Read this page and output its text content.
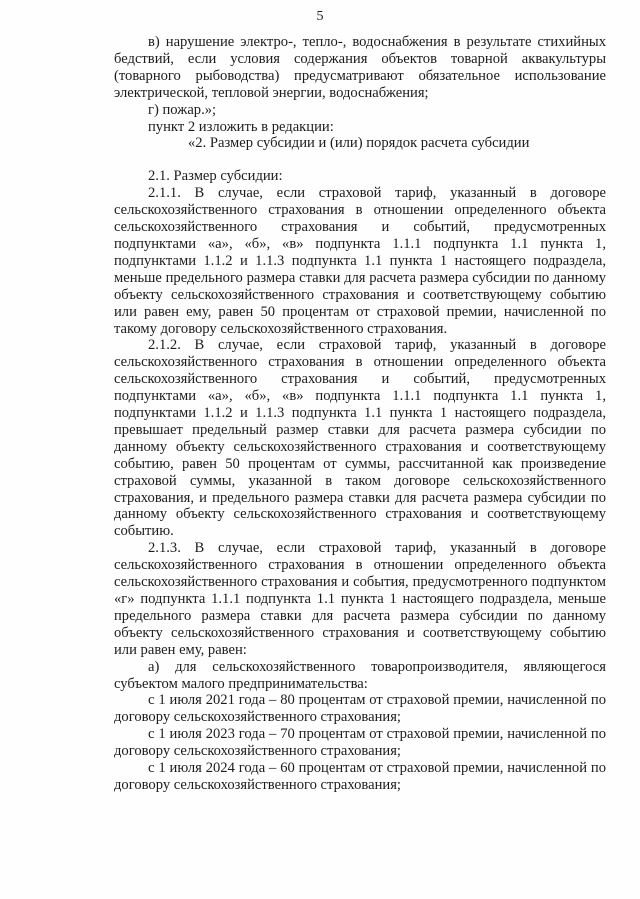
5

в) нарушение электро-, тепло-, водоснабжения в результате стихийных бедствий, если условия содержания объектов товарной аквакультуры (товарного рыбоводства) предусматривают обязательное использование электрической, тепловой энергии, водоснабжения;

г) пожар.»;

пункт 2 изложить в редакции:

«2. Размер субсидии и (или) порядок расчета субсидии

2.1. Размер субсидии:

2.1.1. В случае, если страховой тариф, указанный в договоре сельскохозяйственного страхования в отношении определенного объекта сельскохозяйственного страхования и событий, предусмотренных подпунктами «а», «б», «в» подпункта 1.1.1 подпункта 1.1 пункта 1, подпунктами 1.1.2 и 1.1.3 подпункта 1.1 пункта 1 настоящего подраздела, меньше предельного размера ставки для расчета размера субсидии по данному объекту сельскохозяйственного страхования и соответствующему событию или равен ему, равен 50 процентам от страховой премии, начисленной по такому договору сельскохозяйственного страхования.

2.1.2. В случае, если страховой тариф, указанный в договоре сельскохозяйственного страхования в отношении определенного объекта сельскохозяйственного страхования и событий, предусмотренных подпунктами «а», «б», «в» подпункта 1.1.1 подпункта 1.1 пункта 1, подпунктами 1.1.2 и 1.1.3 подпункта 1.1 пункта 1 настоящего подраздела, превышает предельный размер ставки для расчета размера субсидии по данному объекту сельскохозяйственного страхования и соответствующему событию, равен 50 процентам от суммы, рассчитанной как произведение страховой суммы, указанной в таком договоре сельскохозяйственного страхования, и предельного размера ставки для расчета размера субсидии по данному объекту сельскохозяйственного страхования и соответствующему событию.

2.1.3. В случае, если страховой тариф, указанный в договоре сельскохозяйственного страхования в отношении определенного объекта сельскохозяйственного страхования и события, предусмотренного подпунктом «г» подпункта 1.1.1 подпункта 1.1 пункта 1 настоящего подраздела, меньше предельного размера ставки для расчета размера субсидии по данному объекту сельскохозяйственного страхования и соответствующему событию или равен ему, равен:

а) для сельскохозяйственного товаропроизводителя, являющегося субъектом малого предпринимательства:

с 1 июля 2021 года – 80 процентам от страховой премии, начисленной по договору сельскохозяйственного страхования;

с 1 июля 2023 года – 70 процентам от страховой премии, начисленной по договору сельскохозяйственного страхования;

с 1 июля 2024 года – 60 процентам от страховой премии, начисленной по договору сельскохозяйственного страхования;
